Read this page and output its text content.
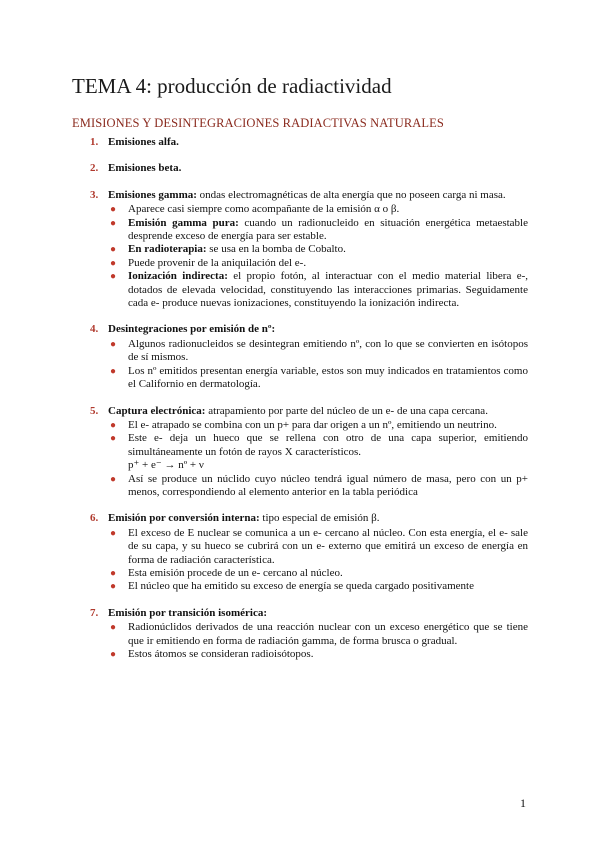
TEMA 4: producción de radiactividad
EMISIONES Y DESINTEGRACIONES RADIACTIVAS NATURALES
1. Emisiones alfa.
2. Emisiones beta.
3. Emisiones gamma: ondas electromagnéticas de alta energía que no poseen carga ni masa.

● Aparece casi siempre como acompañante de la emisión α o β.
● Emisión gamma pura: cuando un radionucleido en situación energética metaestable desprende exceso de energía para ser estable.
● En radioterapia: se usa en la bomba de Cobalto.
● Puede provenir de la aniquilación del e-.
● Ionización indirecta: el propio fotón, al interactuar con el medio material libera e-, dotados de elevada velocidad, constituyendo las interacciones primarias. Seguidamente cada e- produce nuevas ionizaciones, constituyendo la ionización indirecta.
4. Desintegraciones por emisión de nº:
● Algunos radionucleidos se desintegran emitiendo nº, con lo que se convierten en isótopos de sí mismos.
● Los nº emitidos presentan energía variable, estos son muy indicados en tratamientos como el Californio en dermatología.
5. Captura electrónica: atrapamiento por parte del núcleo de un e- de una capa cercana.

● El e- atrapado se combina con un p+ para dar origen a un nº, emitiendo un neutrino.
● Este e- deja un hueco que se rellena con otro de una capa superior, emitiendo simultáneamente un fotón de rayos X característicos.
p⁺ + e⁻ → nº + ν
● Así se produce un núclido cuyo núcleo tendrá igual número de masa, pero con un p+ menos, correspondiendo al elemento anterior en la tabla periódica
6. Emisión por conversión interna: tipo especial de emisión β.

● El exceso de E nuclear se comunica a un e- cercano al núcleo. Con esta energía, el e- sale de su capa, y su hueco se cubrirá con un e- externo que emitirá un exceso de energía en forma de radiación característica.
● Esta emisión procede de un e- cercano al núcleo.
● El núcleo que ha emitido su exceso de energía se queda cargado positivamente
7. Emisión por transición isomérica:
● Radionúclidos derivados de una reacción nuclear con un exceso energético que se tiene que ir emitiendo en forma de radiación gamma, de forma brusca o gradual.
● Estos átomos se consideran radioisótopos.
1
